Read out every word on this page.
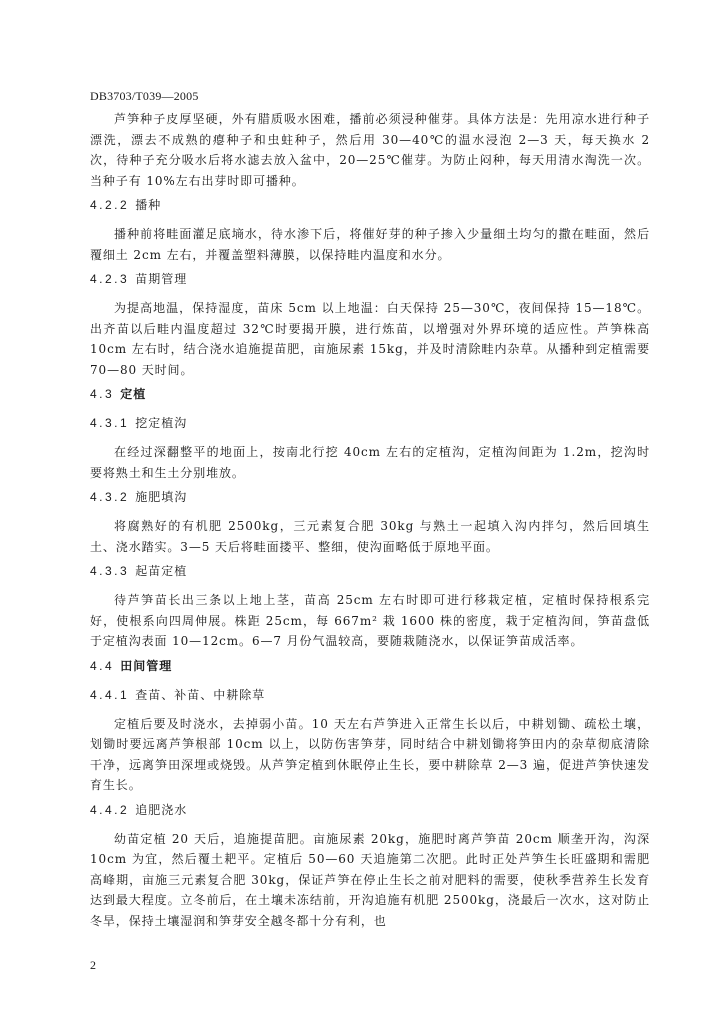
DB3703/T039—2005

芦笋种子皮厚坚硬，外有腊质吸水困难，播前必须浸种催芽。具体方法是：先用凉水进行种子漂洗，漂去不成熟的瘪种子和虫蛀种子，然后用 30—40℃的温水浸泡 2—3 天，每天换水 2 次，待种子充分吸水后将水滤去放入盆中，20—25℃催芽。为防止闷种，每天用清水淘洗一次。当种子有 10%左右出芽时即可播种。

4.2.2 播种

播种前将畦面灌足底墒水，待水渗下后，将催好芽的种子掺入少量细土均匀的撒在畦面，然后覆细土 2cm 左右，并覆盖塑料薄膜，以保持畦内温度和水分。

4.2.3 苗期管理

为提高地温，保持湿度，苗床 5cm 以上地温：白天保持 25—30℃，夜间保持 15—18℃。出齐苗以后畦内温度超过 32℃时要揭开膜，进行炼苗，以增强对外界环境的适应性。芦笋株高 10cm 左右时，结合浇水追施提苗肥，亩施尿素 15kg，并及时清除畦内杂草。从播种到定植需要 70—80 天时间。

4.3 定植
4.3.1 挖定植沟

在经过深翻整平的地面上，按南北行挖 40cm 左右的定植沟，定植沟间距为 1.2m，挖沟时要将熟土和生土分别堆放。

4.3.2 施肥填沟

将腐熟好的有机肥 2500kg，三元素复合肥 30kg 与熟土一起填入沟内拌匀，然后回填生土、浇水踏实。3—5 天后将畦面搂平、整细，使沟面略低于原地平面。

4.3.3 起苗定植

待芦笋苗长出三条以上地上茎，苗高 25cm 左右时即可进行移栽定植，定植时保持根系完好，使根系向四周伸展。株距 25cm，每 667m² 栽 1600 株的密度，栽于定植沟间，笋苗盘低于定植沟表面 10—12cm。6—7 月份气温较高，要随栽随浇水，以保证笋苗成活率。

4.4 田间管理
4.4.1 查苗、补苗、中耕除草

定植后要及时浇水，去掉弱小苗。10 天左右芦笋进入正常生长以后，中耕划锄、疏松土壤，划锄时要远离芦笋根部 10cm 以上，以防伤害笋芽，同时结合中耕划锄将笋田内的杂草彻底清除干净，远离笋田深埋或烧毁。从芦笋定植到休眠停止生长，要中耕除草 2—3 遍，促进芦笋快速发育生长。

4.4.2 追肥浇水

幼苗定植 20 天后，追施提苗肥。亩施尿素 20kg，施肥时离芦笋苗 20cm 顺垄开沟，沟深 10cm 为宜，然后覆土耙平。定植后 50—60 天追施第二次肥。此时正处芦笋生长旺盛期和需肥高峰期，亩施三元素复合肥 30kg，保证芦笋在停止生长之前对肥料的需要，使秋季营养生长发育达到最大程度。立冬前后，在土壤未冻结前，开沟追施有机肥 2500kg，浇最后一次水，这对防止冬旱，保持土壤湿润和笋芽安全越冬都十分有利，也

2
